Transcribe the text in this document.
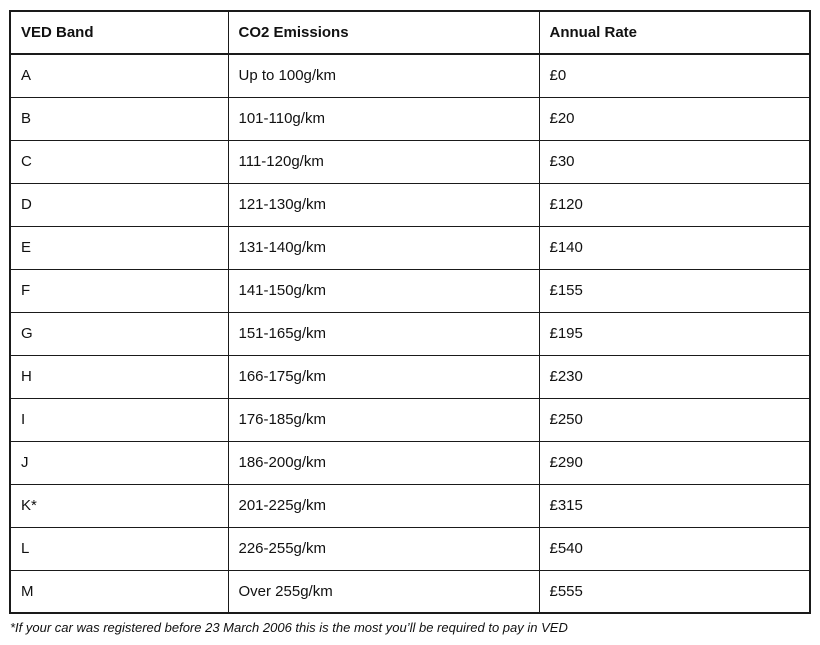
VED Band	CO2 Emissions	Annual Rate
A	Up to 100g/km	£0
B	101-110g/km	£20
C	111-120g/km	£30
D	121-130g/km	£120
E	131-140g/km	£140
F	141-150g/km	£155
G	151-165g/km	£195
H	166-175g/km	£230
I	176-185g/km	£250
J	186-200g/km	£290
K*	201-225g/km	£315
L	226-255g/km	£540
M	Over 255g/km	£555
*If your car was registered before 23 March 2006 this is the most you’ll be required to pay in VED
